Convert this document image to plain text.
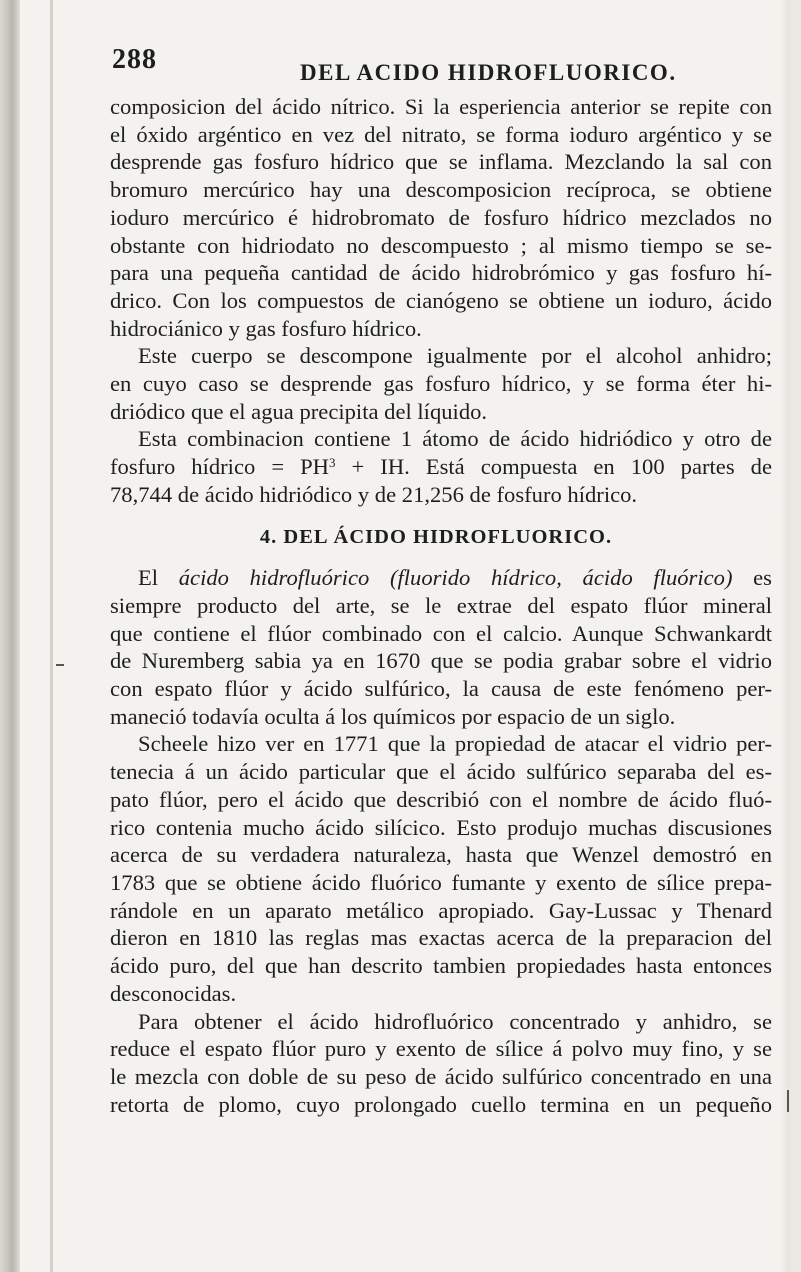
288	DEL ACIDO HIDROFLUORICO.

composicion del ácido nítrico. Si la esperiencia anterior se repite con
el óxido argéntico en vez del nitrato, se forma ioduro argéntico y se
desprende gas fosfuro hídrico que se inflama. Mezclando la sal con
bromuro mercúrico hay una descomposicion recíproca, se obtiene
ioduro mercúrico é hidrobromato de fosfuro hídrico mezclados no
obstante con hidriodato no descompuesto ; al mismo tiempo se se-
para una pequeña cantidad de ácido hidrobrómico y gas fosfuro hí-
drico. Con los compuestos de cianógeno se obtiene un ioduro, ácido
hidrociánico y gas fosfuro hídrico.

Este cuerpo se descompone igualmente por el alcohol anhidro;
en cuyo caso se desprende gas fosfuro hídrico, y se forma éter hi-
driódico que el agua precipita del líquido.

Esta combinacion contiene 1 átomo de ácido hidriódico y otro de
fosfuro hídrico = $PH^3$ + IH. Está compuesta en 100 partes de
78,744 de ácido hidriódico y de 21,256 de fosfuro hídrico.

4. DEL ÁCIDO HIDROFLUORICO.

El ácido hidrofluórico (fluorido hídrico, ácido fluórico) es
siempre producto del arte, se le extrae del espato flúor mineral
que contiene el flúor combinado con el calcio. Aunque Schwankardt
de Nuremberg sabia ya en 1670 que se podia grabar sobre el vidrio
con espato flúor y ácido sulfúrico, la causa de este fenómeno per-
maneció todavía oculta á los químicos por espacio de un siglo.

Scheele hizo ver en 1771 que la propiedad de atacar el vidrio per-
tenecia á un ácido particular que el ácido sulfúrico separaba del es-
pato flúor, pero el ácido que describió con el nombre de ácido fluó-
rico contenia mucho ácido silícico. Esto produjo muchas discusiones
acerca de su verdadera naturaleza, hasta que Wenzel demostró en
1783 que se obtiene ácido fluórico fumante y exento de sílice prepa-
rándole en un aparato metálico apropiado. Gay-Lussac y Thenard
dieron en 1810 las reglas mas exactas acerca de la preparacion del
ácido puro, del que han descrito tambien propiedades hasta entonces
desconocidas.

Para obtener el ácido hidrofluórico concentrado y anhidro, se
reduce el espato flúor puro y exento de sílice á polvo muy fino, y se
le mezcla con doble de su peso de ácido sulfúrico concentrado en una
retorta de plomo, cuyo prolongado cuello termina en un pequeño
